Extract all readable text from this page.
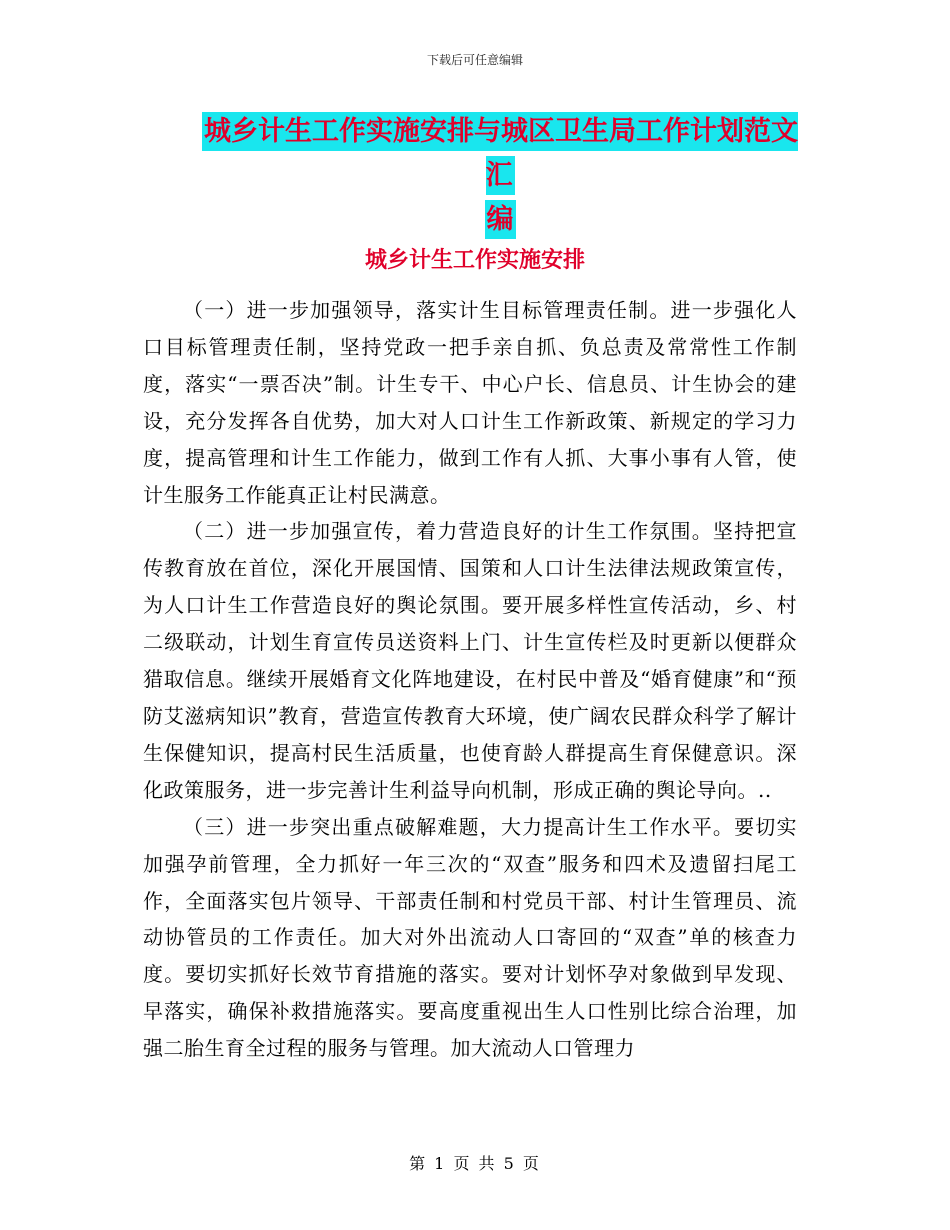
下载后可任意编辑
城乡计生工作实施安排与城区卫生局工作计划范文汇
编
城乡计生工作实施安排

（一）进一步加强领导，落实计生目标管理责任制。进一步强化人口目标管理责任制，坚持党政一把手亲自抓、负总责及常常性工作制度，落实“一票否决”制。计生专干、中心户长、信息员、计生协会的建设，充分发挥各自优势，加大对人口计生工作新政策、新规定的学习力度，提高管理和计生工作能力，做到工作有人抓、大事小事有人管，使计生服务工作能真正让村民满意。

（二）进一步加强宣传，着力营造良好的计生工作氛围。坚持把宣传教育放在首位，深化开展国情、国策和人口计生法律法规政策宣传，为人口计生工作营造良好的舆论氛围。要开展多样性宣传活动，乡、村二级联动，计划生育宣传员送资料上门、计生宣传栏及时更新以便群众猎取信息。继续开展婚育文化阵地建设，在村民中普及“婚育健康”和“预防艾滋病知识”教育，营造宣传教育大环境，使广阔农民群众科学了解计生保健知识，提高村民生活质量，也使育龄人群提高生育保健意识。深化政策服务，进一步完善计生利益导向机制，形成正确的舆论导向。..

（三）进一步突出重点破解难题，大力提高计生工作水平。要切实加强孕前管理，全力抓好一年三次的“双查”服务和四术及遗留扫尾工作，全面落实包片领导、干部责任制和村党员干部、村计生管理员、流动协管员的工作责任。加大对外出流动人口寄回的“双查”单的核查力度。要切实抓好长效节育措施的落实。要对计划怀孕对象做到早发现、早落实，确保补救措施落实。要高度重视出生人口性别比综合治理，加强二胎生育全过程的服务与管理。加大流动人口管理力

第 1 页 共 5 页
